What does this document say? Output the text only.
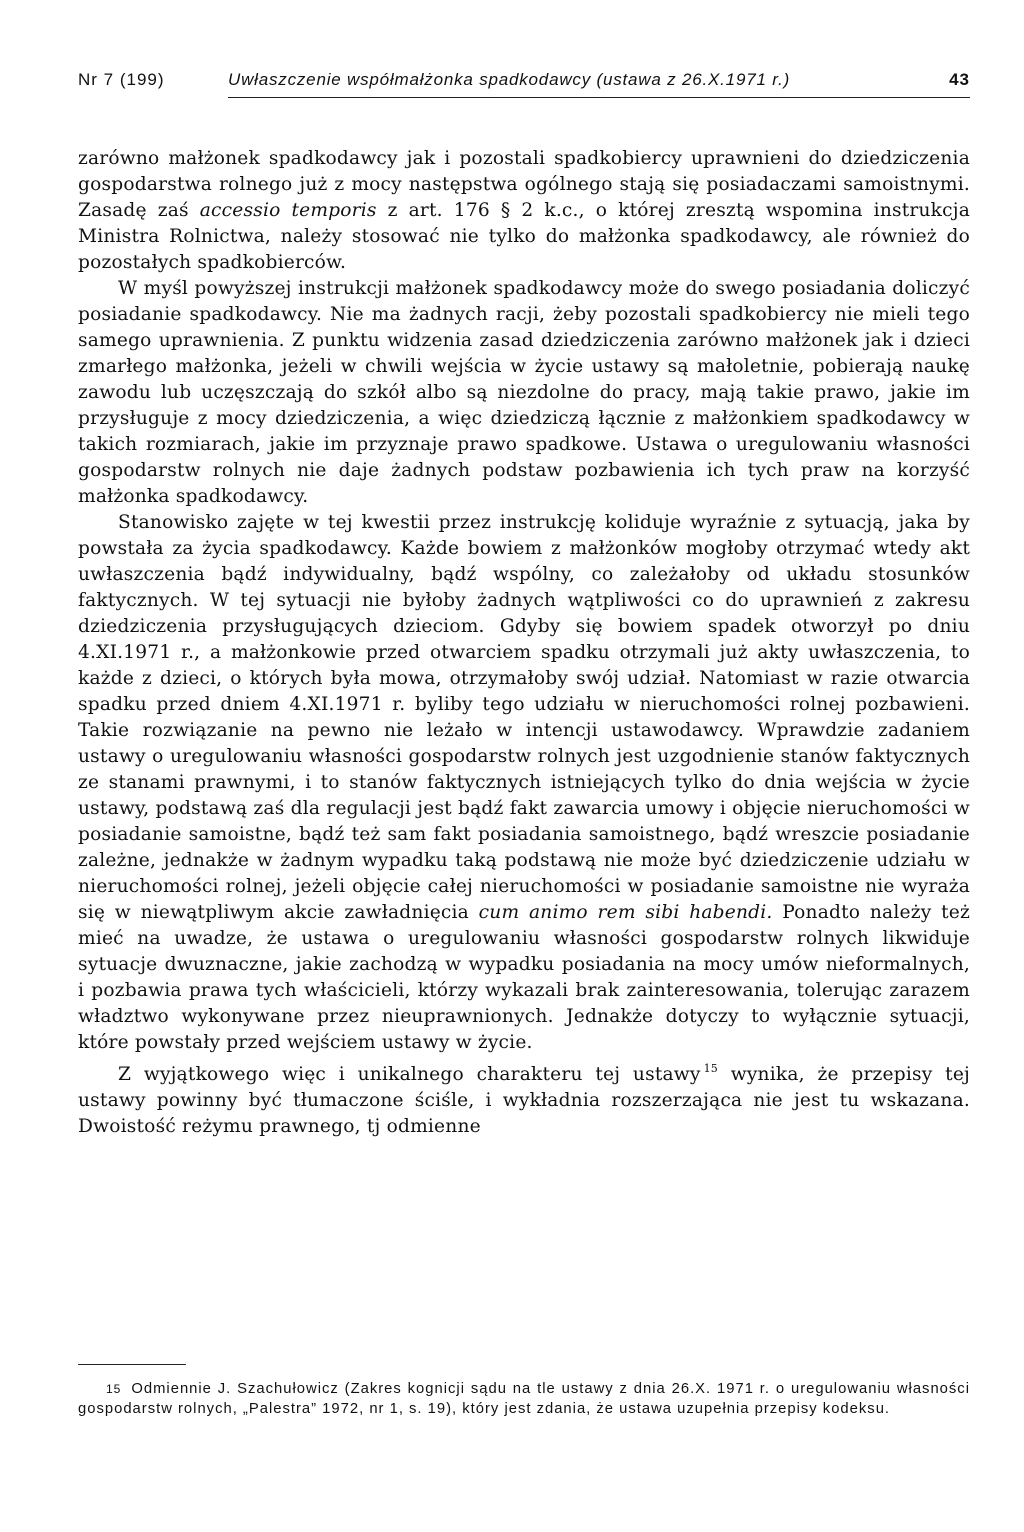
Nr 7 (199)	Uwłaszczenie współmałżonka spadkodawcy (ustawa z 26.X.1971 r.)	43

zarówno małżonek spadkodawcy jak i pozostali spadkobiercy uprawnieni do dziedziczenia gospodarstwa rolnego już z mocy następstwa ogólnego stają się posiadaczami samoistnymi. Zasadę zaś accessio temporis z art. 176 § 2 k.c., o której zresztą wspomina instrukcja Ministra Rolnictwa, należy stosować nie tylko do małżonka spadkodawcy, ale również do pozostałych spadkobierców.

W myśl powyższej instrukcji małżonek spadkodawcy może do swego posiadania doliczyć posiadanie spadkodawcy. Nie ma żadnych racji, żeby pozostali spadkobiercy nie mieli tego samego uprawnienia. Z punktu widzenia zasad dziedziczenia zarówno małżonek jak i dzieci zmarłego małżonka, jeżeli w chwili wejścia w życie ustawy są małoletnie, pobierają naukę zawodu lub uczęszczają do szkół albo są niezdolne do pracy, mają takie prawo, jakie im przysługuje z mocy dziedziczenia, a więc dziedziczą łącznie z małżonkiem spadkodawcy w takich rozmiarach, jakie im przyznaje prawo spadkowe. Ustawa o uregulowaniu własności gospodarstw rolnych nie daje żadnych podstaw pozbawienia ich tych praw na korzyść małżonka spadkodawcy.

Stanowisko zajęte w tej kwestii przez instrukcję koliduje wyraźnie z sytuacją, jaka by powstała za życia spadkodawcy. Każde bowiem z małżonków mogłoby otrzymać wtedy akt uwłaszczenia bądź indywidualny, bądź wspólny, co zależałoby od układu stosunków faktycznych. W tej sytuacji nie byłoby żadnych wątpliwości co do uprawnień z zakresu dziedziczenia przysługujących dzieciom. Gdyby się bowiem spadek otworzył po dniu 4.XI.1971 r., a małżonkowie przed otwarciem spadku otrzymali już akty uwłaszczenia, to każde z dzieci, o których była mowa, otrzymałoby swój udział. Natomiast w razie otwarcia spadku przed dniem 4.XI.1971 r. byliby tego udziału w nieruchomości rolnej pozbawieni. Takie rozwiązanie na pewno nie leżało w intencji ustawodawcy. Wprawdzie zadaniem ustawy o uregulowaniu własności gospodarstw rolnych jest uzgodnienie stanów faktycznych ze stanami prawnymi, i to stanów faktycznych istniejących tylko do dnia wejścia w życie ustawy, podstawą zaś dla regulacji jest bądź fakt zawarcia umowy i objęcie nieruchomości w posiadanie samoistne, bądź też sam fakt posiadania samoistnego, bądź wreszcie posiadanie zależne, jednakże w żadnym wypadku taką podstawą nie może być dziedziczenie udziału w nieruchomości rolnej, jeżeli objęcie całej nieruchomości w posiadanie samoistne nie wyraża się w niewątpliwym akcie zawładnięcia cum animo rem sibi habendi. Ponadto należy też mieć na uwadze, że ustawa o uregulowaniu własności gospodarstw rolnych likwiduje sytuacje dwuznaczne, jakie zachodzą w wypadku posiadania na mocy umów nieformalnych, i pozbawia prawa tych właścicieli, którzy wykazali brak zainteresowania, tolerując zarazem władztwo wykonywane przez nieuprawnionych. Jednakże dotyczy to wyłącznie sytuacji, które powstały przed wejściem ustawy w życie.

Z wyjątkowego więc i unikalnego charakteru tej ustawy $^{15}$ wynika, że przepisy tej ustawy powinny być tłumaczone ściśle, i wykładnia rozszerzająca nie jest tu wskazana. Dwoistość reżymu prawnego, tj odmienne

15 Odmiennie J. Szachułowicz (Zakres kognicji sądu na tle ustawy z dnia 26.X. 1971 r. o uregulowaniu własności gospodarstw rolnych, „Palestra” 1972, nr 1, s. 19), który jest zdania, że ustawa uzupełnia przepisy kodeksu.
